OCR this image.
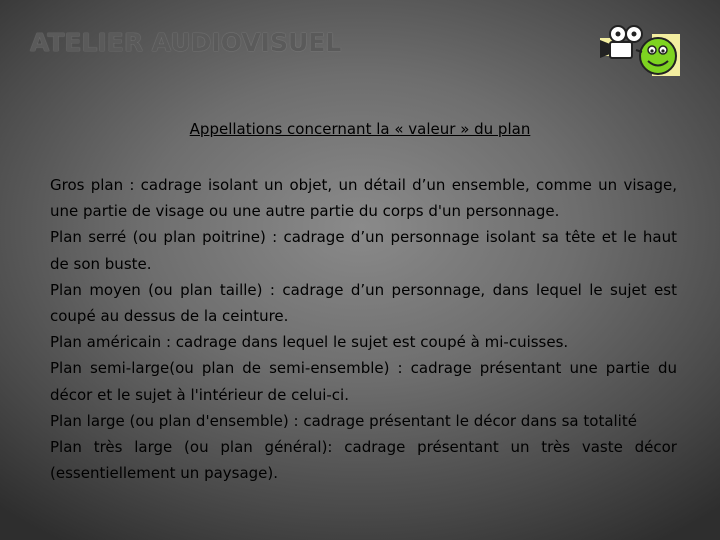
ATELIER AUDIOVISUEL
Appellations concernant la « valeur » du plan

Gros plan : cadrage isolant un objet, un détail d’un ensemble, comme un visage, une partie de visage ou une autre partie du corps d'un personnage.

Plan serré (ou plan poitrine) : cadrage d’un personnage isolant sa tête et le haut de son buste.

Plan moyen (ou plan taille) : cadrage d’un personnage, dans lequel le sujet est coupé au dessus de la ceinture.

Plan américain : cadrage dans lequel le sujet est coupé à mi-cuisses.

Plan semi-large(ou plan de semi-ensemble) : cadrage présentant une partie du décor et le sujet à l'intérieur de celui-ci.

Plan large (ou plan d'ensemble) : cadrage présentant le décor dans sa totalité

Plan très large (ou plan général): cadrage présentant un très vaste décor (essentiellement un paysage).
